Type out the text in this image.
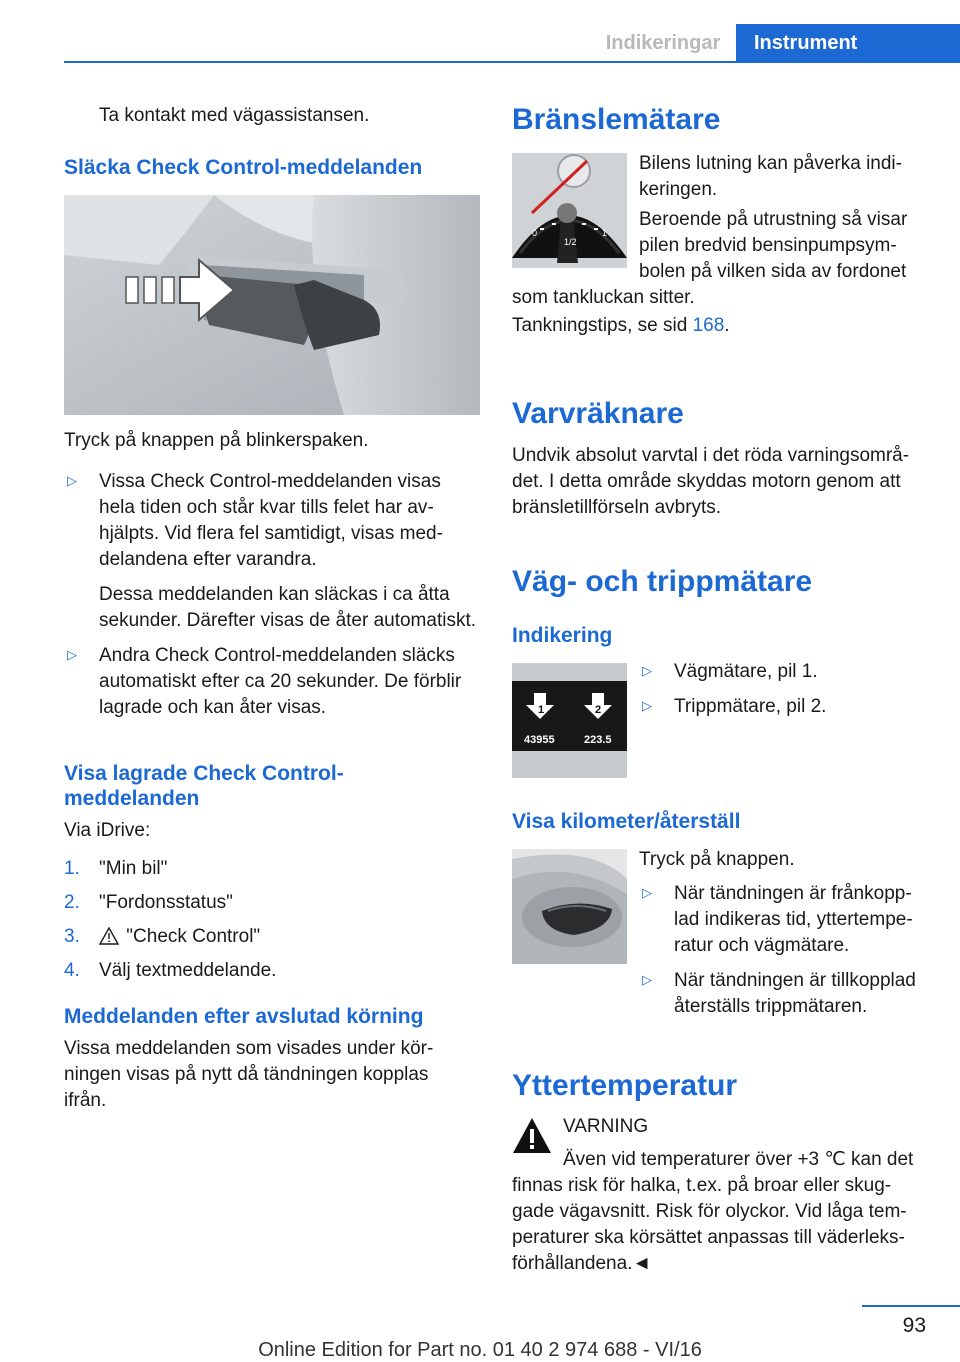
Indikeringar	Instrument

Ta kontakt med vägassistansen.

Släcka Check Control-meddelanden

Tryck på knappen på blinkerspaken.

▷ Vissa Check Control-meddelanden visas hela tiden och står kvar tills felet har avhjälpts. Vid flera fel samtidigt, visas meddelandena efter varandra.

Dessa meddelanden kan släckas i ca åtta sekunder. Därefter visas de åter automatiskt.

▷ Andra Check Control-meddelanden släcks automatiskt efter ca 20 sekunder. De förblir lagrade och kan åter visas.

Visa lagrade Check Control-meddelanden

Via iDrive:

1. "Min bil"
2. "Fordonsstatus"
3. "Check Control"
4. Välj textmeddelande.
Meddelanden efter avslutad körning

Vissa meddelanden som visades under körningen visas på nytt då tändningen kopplas ifrån.

Bränslemätare
0
1/2
1

Bilens lutning kan påverka indikeringen.

Beroende på utrustning så visar pilen bredvid bensinpumpsymbolen på vilken sida av fordonet som tankluckan sitter.

Tankningstips, se sid 168.

Varvräknare

Undvik absolut varvtal i det röda varningsområdet. I detta område skyddas motorn genom att bränsletillförseln avbryts.

Väg- och trippmätare
Indikering
1	2
43955	223.5
▷ Vägmätare, pil 1.

▷ Trippmätare, pil 2.

Visa kilometer/återställ

Tryck på knappen.

▷ När tändningen är frånkopplad indikeras tid, yttertemperatur och vägmätare.

▷ När tändningen är tillkopplad återställs trippmätaren.

Yttertemperatur

VARNING

Även vid temperaturer över +3 ℃ kan det finnas risk för halka, t.ex. på broar eller skuggade vägavsnitt. Risk för olyckor. Vid låga temperaturer ska körsättet anpassas till väderleksförhållandena.◄

93
Online Edition for Part no. 01 40 2 974 688 - VI/16
